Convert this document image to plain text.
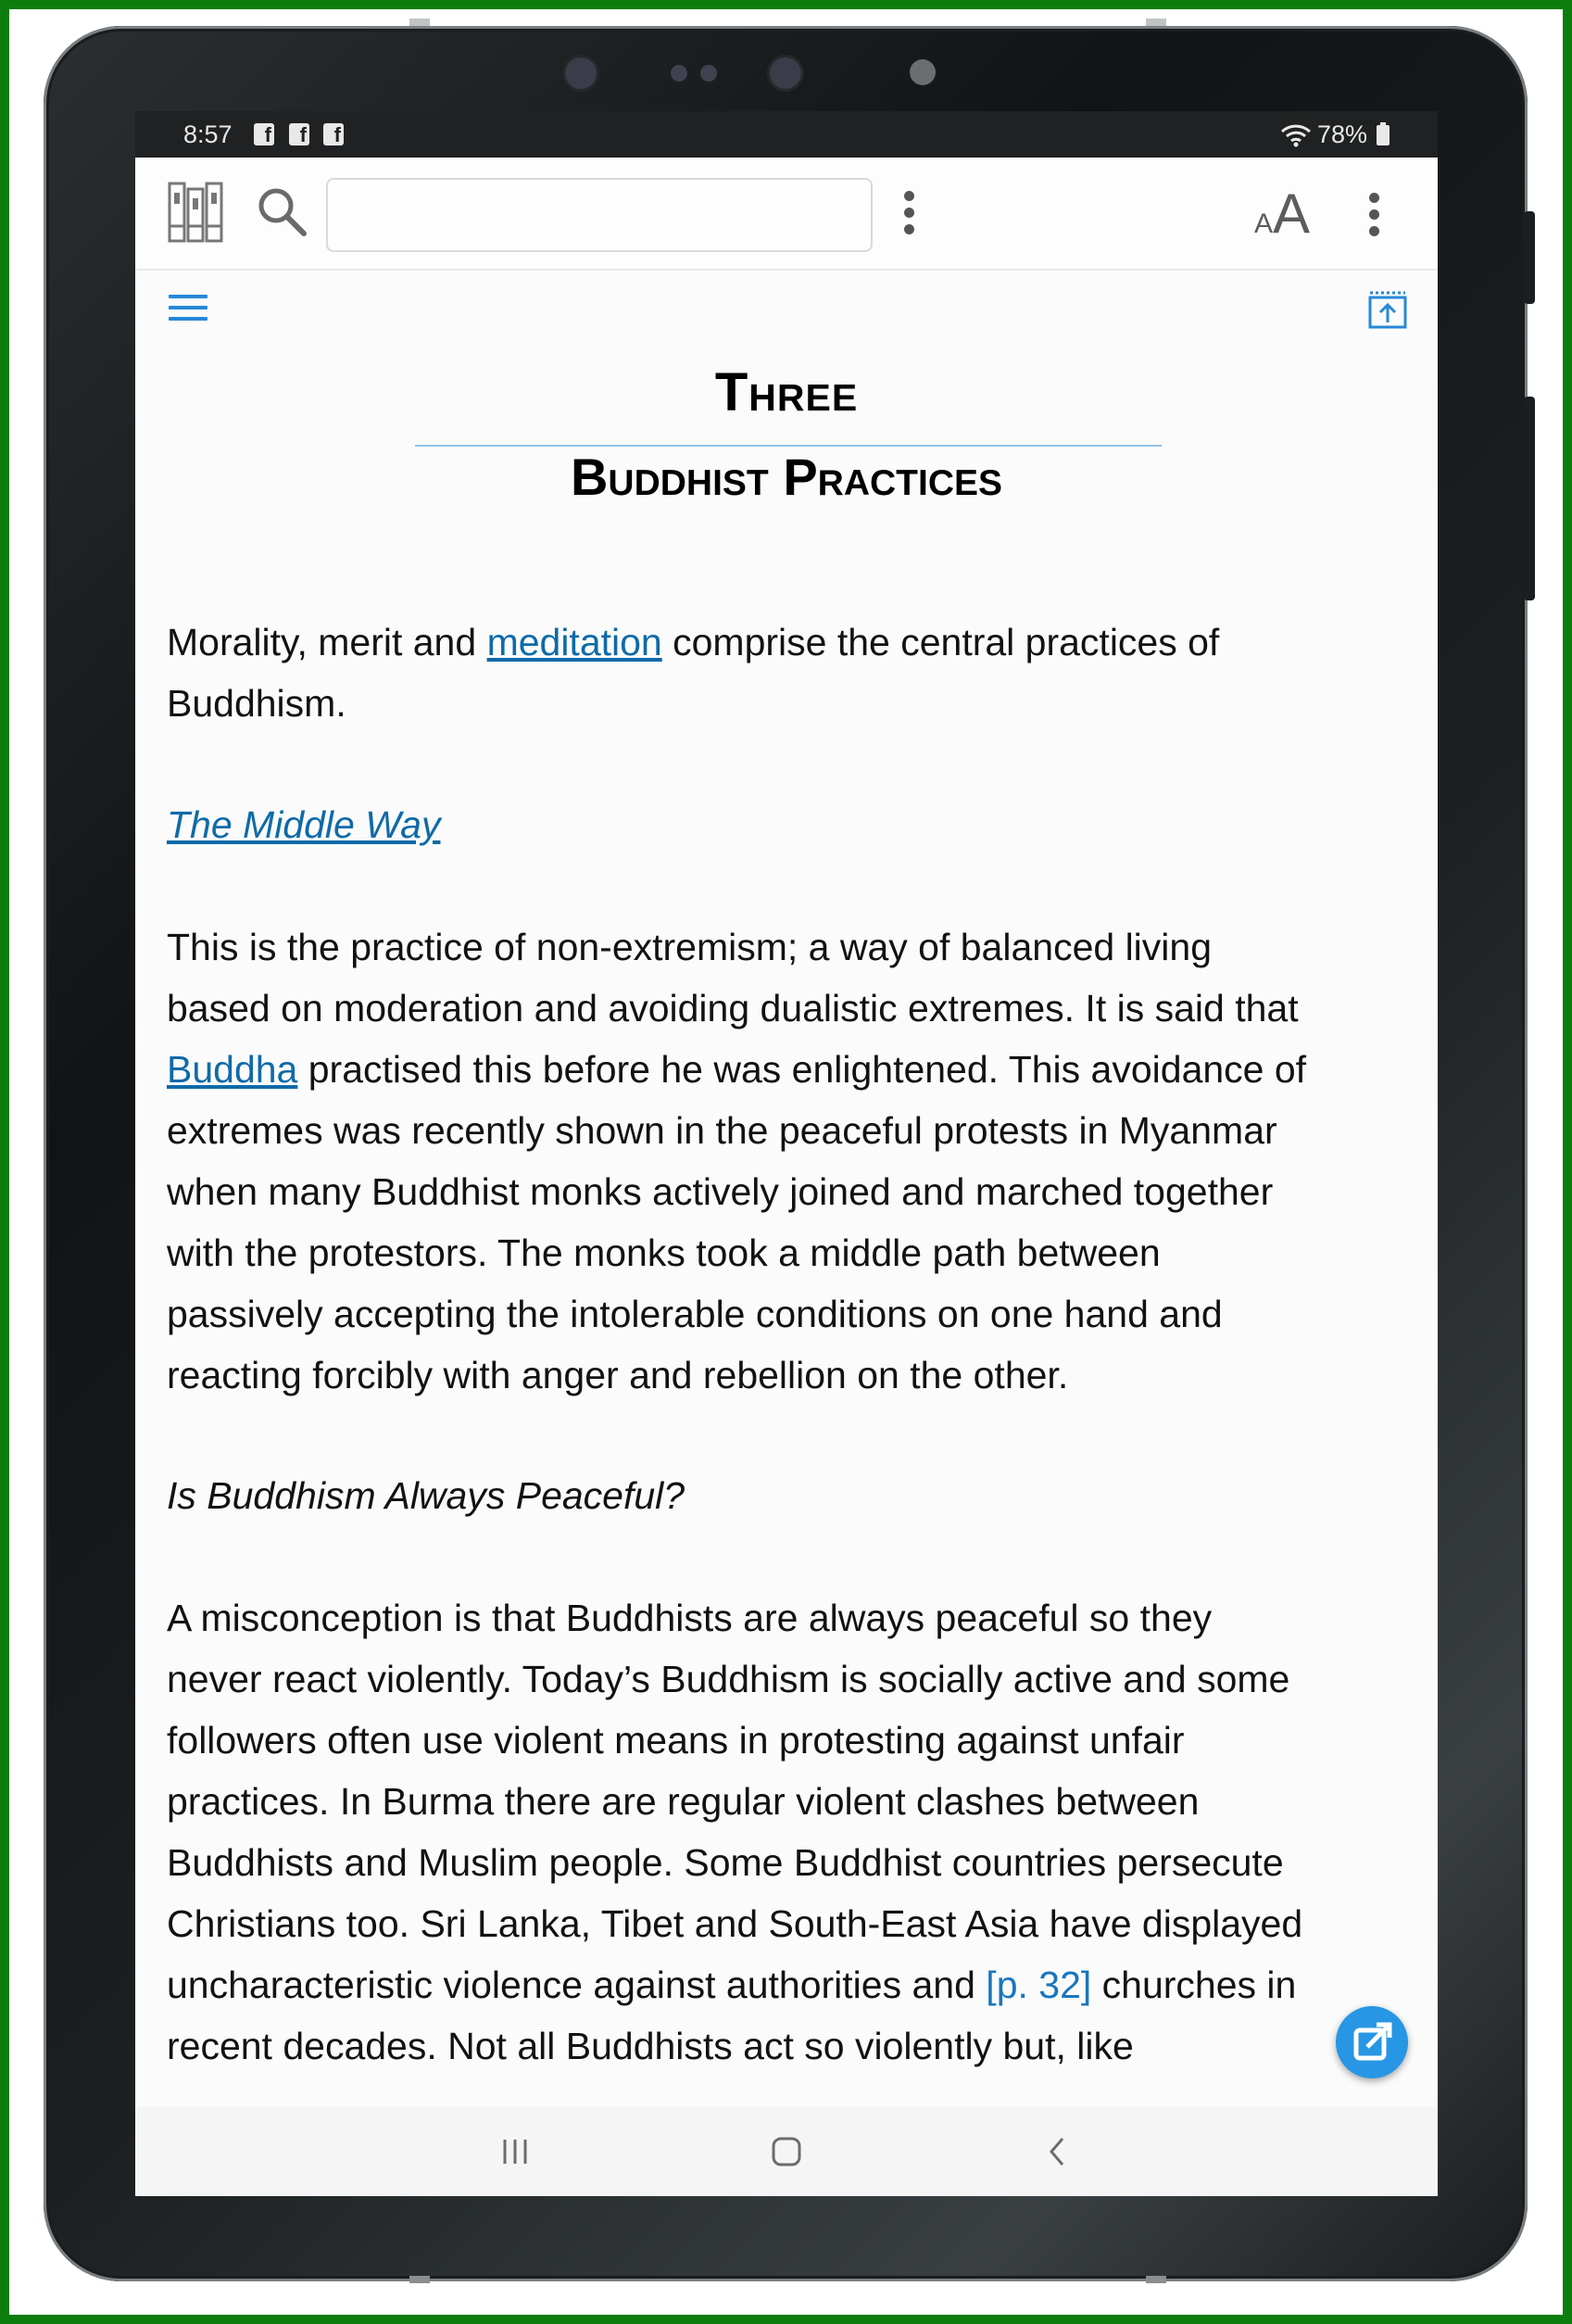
8:57	f	f	f	78%
AA
Three
Buddhist Practices

Morality, merit and meditation comprise the central practices of
Buddhism.

The Middle Way

This is the practice of non-extremism; a way of balanced living
based on moderation and avoiding dualistic extremes. It is said that
Buddha practised this before he was enlightened. This avoidance of
extremes was recently shown in the peaceful protests in Myanmar
when many Buddhist monks actively joined and marched together
with the protestors. The monks took a middle path between
passively accepting the intolerable conditions on one hand and
reacting forcibly with anger and rebellion on the other.

Is Buddhism Always Peaceful?

A misconception is that Buddhists are always peaceful so they
never react violently. Today’s Buddhism is socially active and some
followers often use violent means in protesting against unfair
practices. In Burma there are regular violent clashes between
Buddhists and Muslim people. Some Buddhist countries persecute
Christians too. Sri Lanka, Tibet and South-East Asia have displayed
uncharacteristic violence against authorities and [p. 32] churches in
recent decades. Not all Buddhists act so violently but, like
